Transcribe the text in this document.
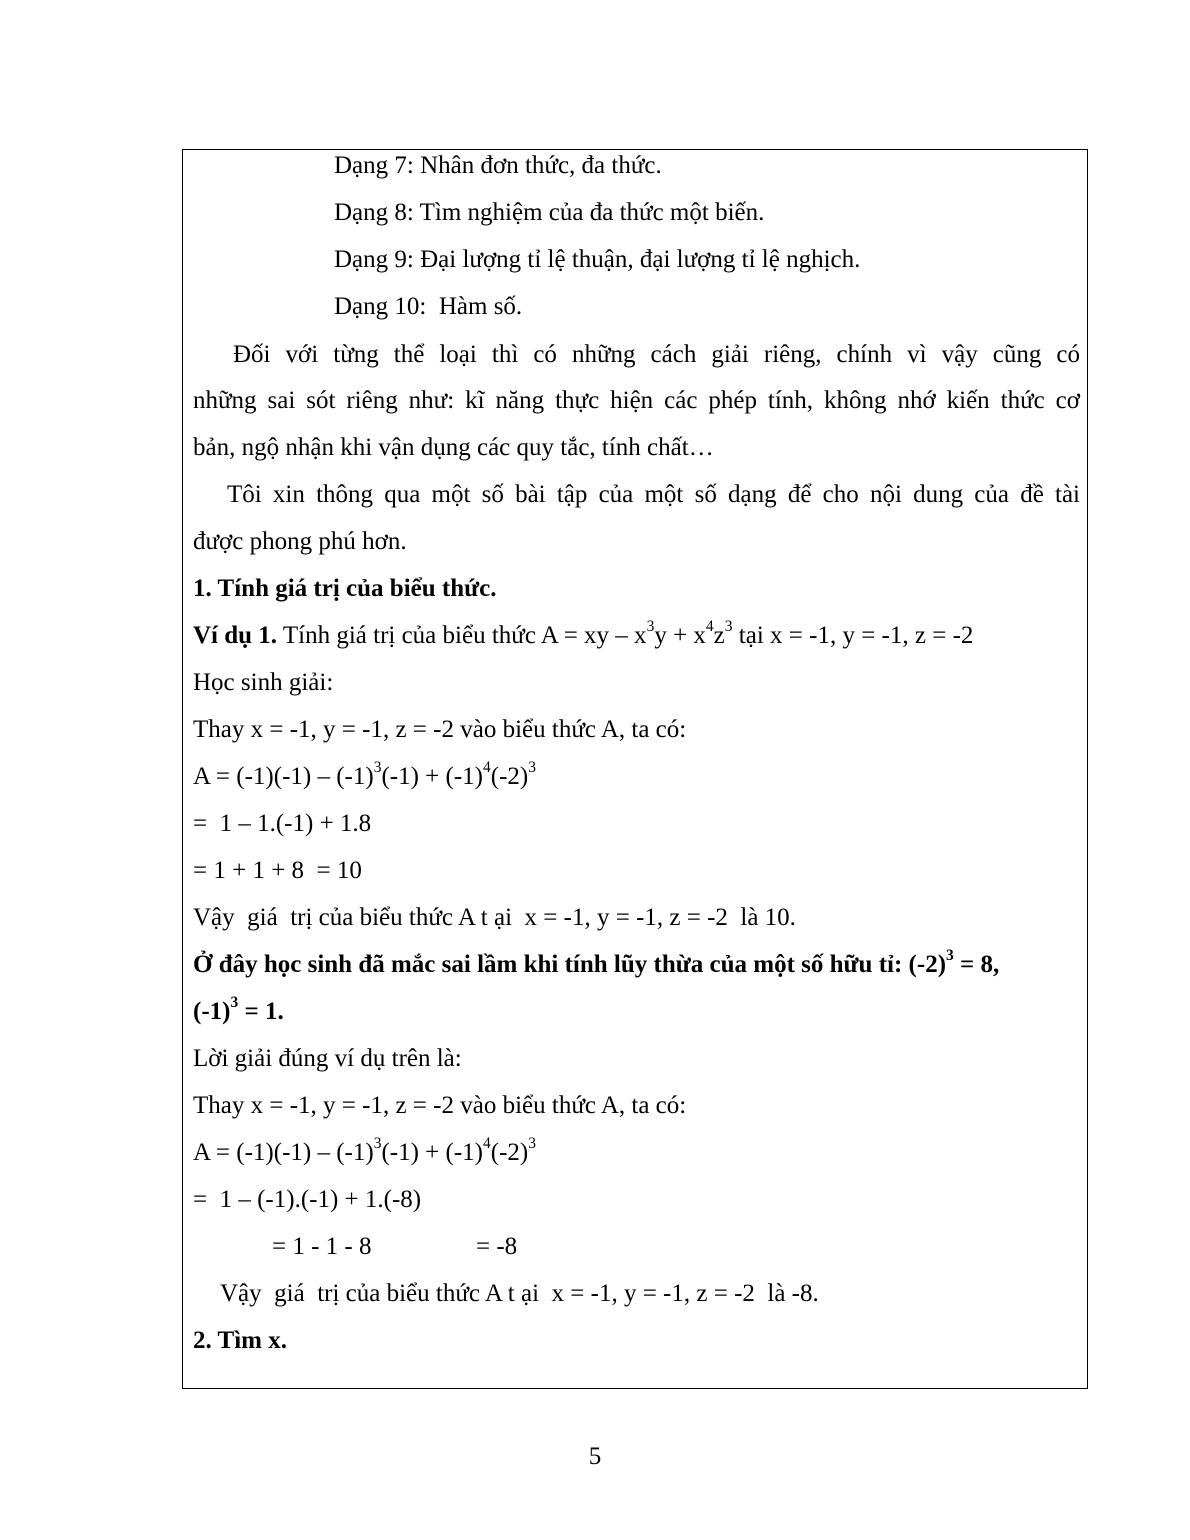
Dạng 7: Nhân đơn thức, đa thức.
Dạng 8: Tìm nghiệm của đa thức một biến.
Dạng 9: Đại lượng tỉ lệ thuận, đại lượng tỉ lệ nghịch.
Dạng 10:  Hàm số.
Đối với từng thể loại thì có những cách giải riêng, chính vì vậy cũng có
những sai sót riêng như: kĩ năng thực hiện các phép tính, không nhớ kiến thức cơ
bản, ngộ nhận khi vận dụng các quy tắc, tính chất…
Tôi xin thông qua một số bài tập của một số dạng để cho nội dung của đề tài
được phong phú hơn.
1. Tính giá trị của biểu thức.
Ví dụ 1. Tính giá trị của biểu thức A = xy – $x^3y + x^4z^3$ tại x = -1, y = -1, z = -2
Học sinh giải:
Thay x = -1, y = -1, z = -2 vào biểu thức A, ta có:
$A = (-1)(-1) - (-1)^3(-1) + (-1)^4(-2)^3$
=  1 – 1.(-1) + 1.8
= 1 + 1 + 8  = 10
Vậy  giá  trị của biểu thức A t ại  x = -1, y = -1, z = -2  là 10.
Ở đây học sinh đã mắc sai lầm khi tính lũy thừa của một số hữu tỉ: $(-2)^3 = 8$,
$(-1)^3 = 1$.
Lời giải đúng ví dụ trên là:
Thay x = -1, y = -1, z = -2 vào biểu thức A, ta có:
$A = (-1)(-1) - (-1)^3(-1) + (-1)^4(-2)^3$
=  1 – (-1).(-1) + 1.(-8)
= 1 - 1 - 8	= -8
Vậy  giá  trị của biểu thức A t ại  x = -1, y = -1, z = -2  là -8.
2. Tìm x.
5
